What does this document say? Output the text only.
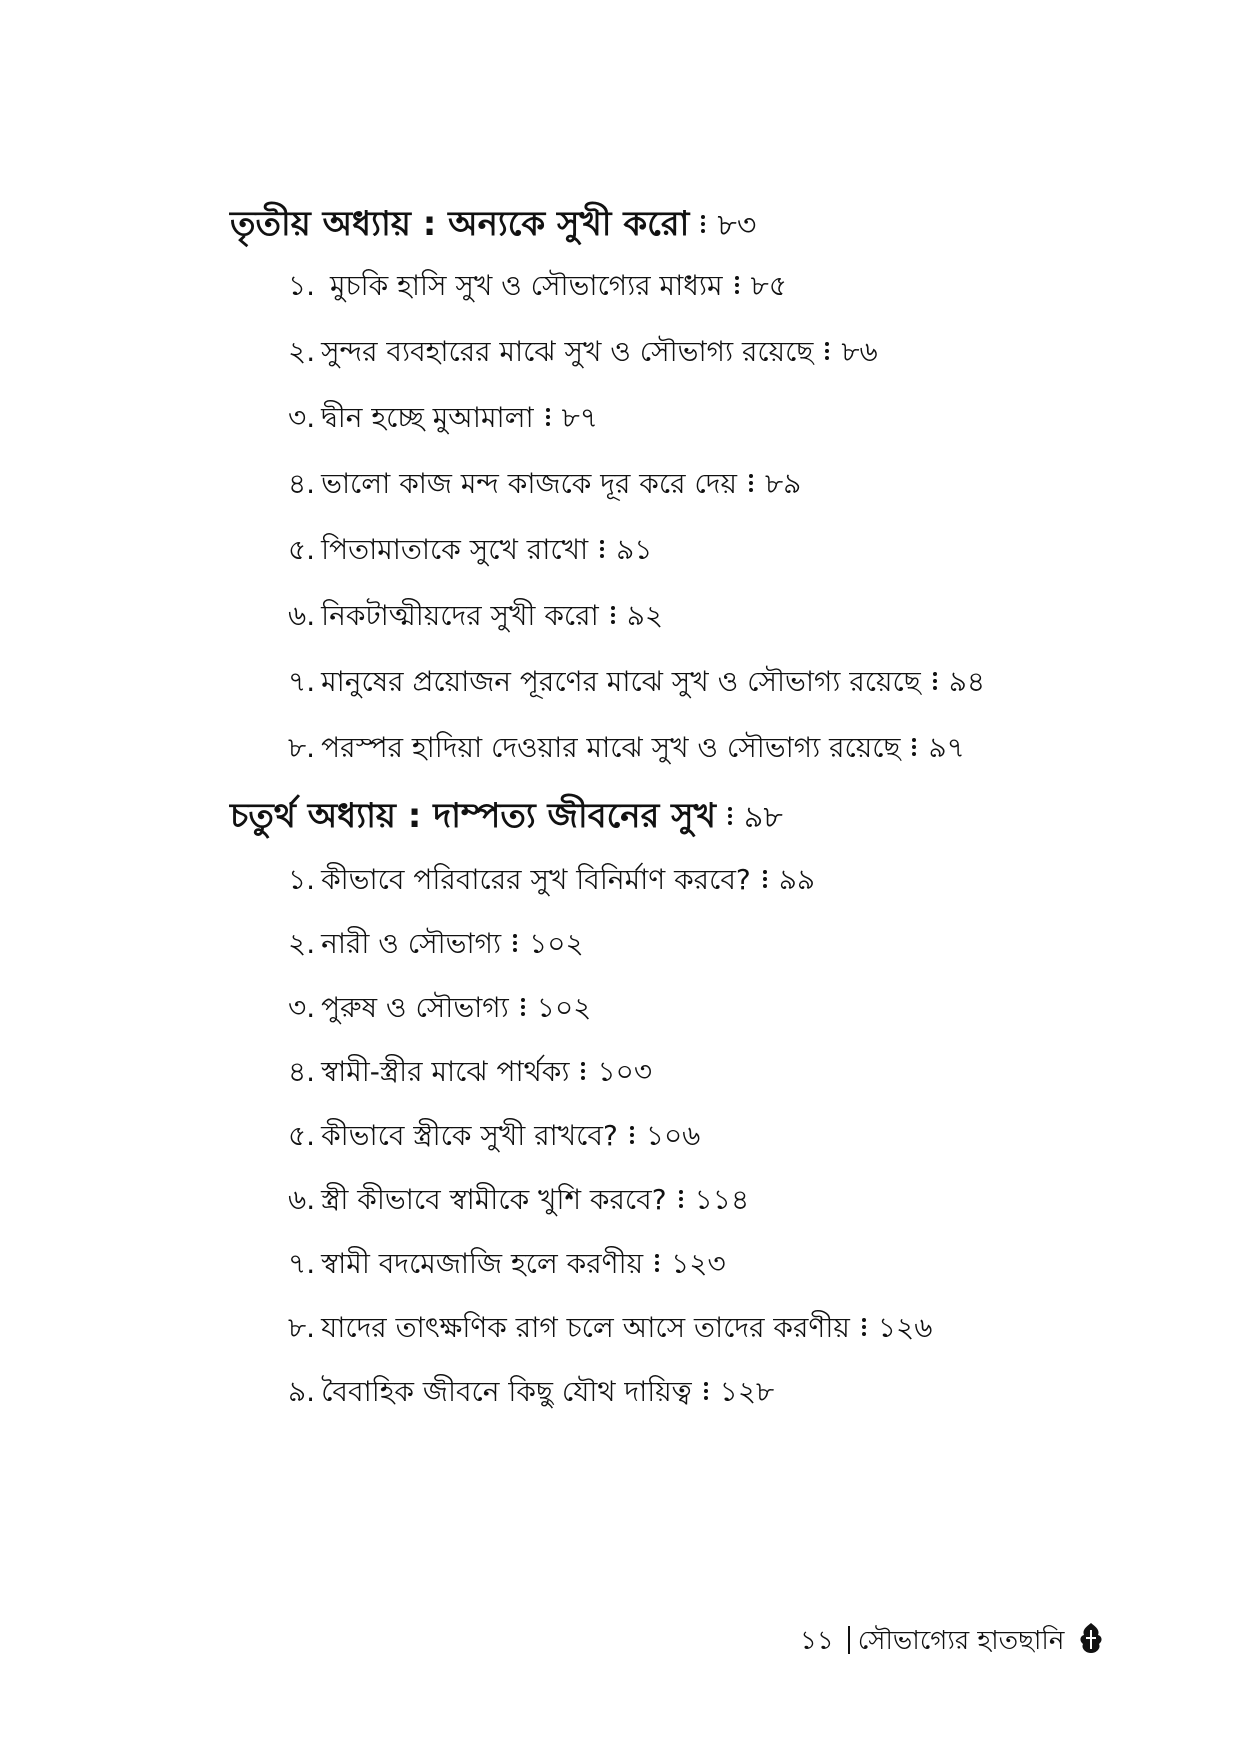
তৃতীয় অধ্যায় : অন্যকে সুখী করো ৮৩
১. মুচকি হাসি সুখ ও সৌভাগ্যের মাধ্যম ৮৫
২. সুন্দর ব্যবহারের মাঝে সুখ ও সৌভাগ্য রয়েছে ৮৬
৩. দ্বীন হচ্ছে মুআমালা ৮৭
৪. ভালো কাজ মন্দ কাজকে দূর করে দেয় ৮৯
৫. পিতামাতাকে সুখে রাখো ৯১
৬. নিকটাত্মীয়দের সুখী করো ৯২
৭. মানুষের প্রয়োজন পূরণের মাঝে সুখ ও সৌভাগ্য রয়েছে ৯৪
৮. পরস্পর হাদিয়া দেওয়ার মাঝে সুখ ও সৌভাগ্য রয়েছে ৯৭
চতুর্থ অধ্যায় : দাম্পত্য জীবনের সুখ ৯৮
১. কীভাবে পরিবারের সুখ বিনির্মাণ করবে? ৯৯
২. নারী ও সৌভাগ্য ১০২
৩. পুরুষ ও সৌভাগ্য ১০২
৪. স্বামী-স্ত্রীর মাঝে পার্থক্য ১০৩
৫. কীভাবে স্ত্রীকে সুখী রাখবে? ১০৬
৬. স্ত্রী কীভাবে স্বামীকে খুশি করবে? ১১৪
৭. স্বামী বদমেজাজি হলে করণীয় ১২৩
৮. যাদের তাৎক্ষণিক রাগ চলে আসে তাদের করণীয় ১২৬
৯. বৈবাহিক জীবনে কিছু যৌথ দায়িত্ব ১২৮
১১ সৌভাগ্যের হাতছানি
